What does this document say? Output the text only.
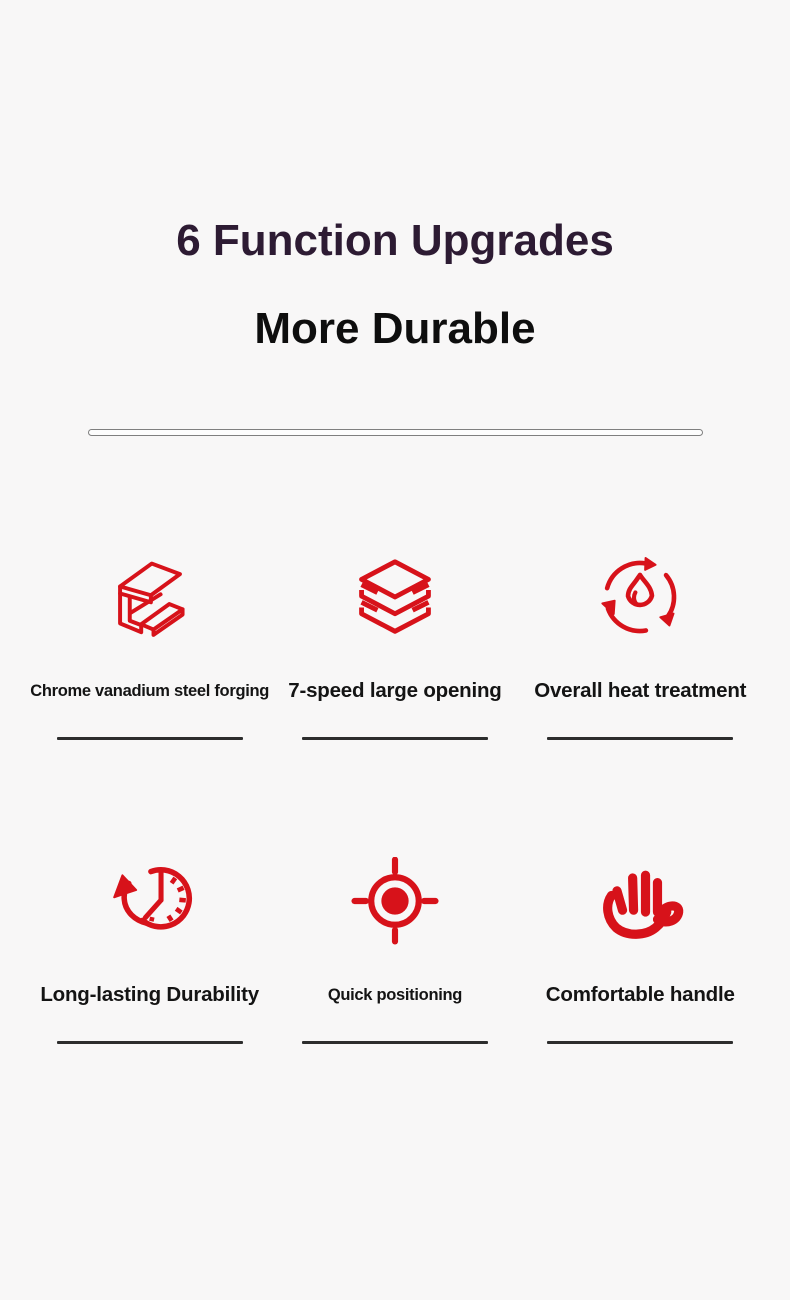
6 Function Upgrades
More Durable
Chrome vanadium steel forging 7-speed large opening Overall heat treatment
Long-lasting Durability	Quick positioning	Comfortable handle
